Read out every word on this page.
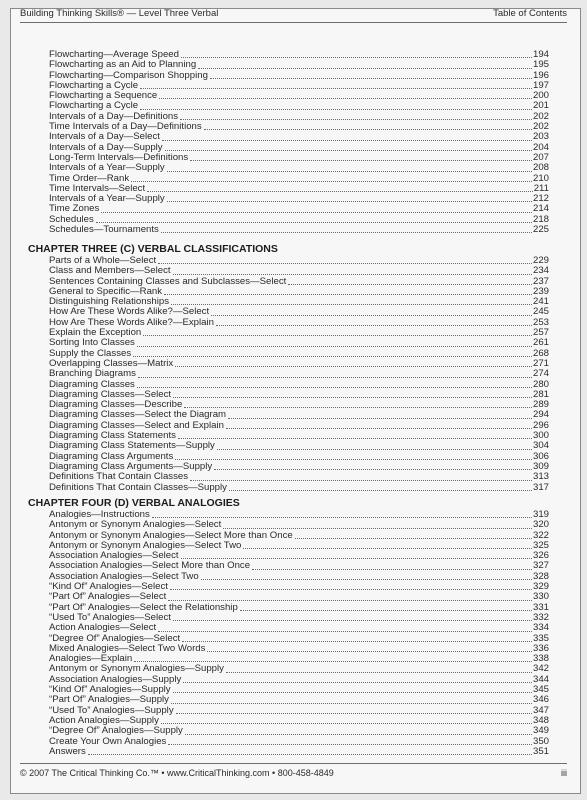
Building Thinking Skills® — Level Three Verbal	Table of Contents
Flowcharting—Average Speed	194
Flowcharting as an Aid to Planning	195
Flowcharting—Comparison Shopping	196
Flowcharting a Cycle	197
Flowcharting a Sequence	200
Flowcharting a Cycle	201
Intervals of a Day—Definitions	202
Time Intervals of a Day—Definitions	202
Intervals of a Day—Select	203
Intervals of a Day—Supply	204
Long-Term Intervals—Definitions	207
Intervals of a Year—Supply	208
Time Order—Rank	210
Time Intervals—Select	211
Intervals of a Year—Supply	212
Time Zones	214
Schedules	218
Schedules—Tournaments	225
CHAPTER THREE (C) VERBAL CLASSIFICATIONS
Parts of a Whole—Select	229
Class and Members—Select	234
Sentences Containing Classes and Subclasses—Select	237
General to Specific—Rank	239
Distinguishing Relationships	241
How Are These Words Alike?—Select	245
How Are These Words Alike?—Explain	253
Explain the Exception	257
Sorting Into Classes	261
Supply the Classes	268
Overlapping Classes—Matrix	271
Branching Diagrams	274
Diagraming Classes	280
Diagraming Classes—Select	281
Diagraming Classes—Describe	289
Diagraming Classes—Select the Diagram	294
Diagraming Classes—Select and Explain	296
Diagraming Class Statements	300
Diagraming Class Statements—Supply	304
Diagraming Class Arguments	306
Diagraming Class Arguments—Supply	309
Definitions That Contain Classes	313
Definitions That Contain Classes—Supply	317
CHAPTER FOUR (D) VERBAL ANALOGIES
Analogies—Instructions	319
Antonym or Synonym Analogies—Select	320
Antonym or Synonym Analogies—Select More than Once	322
Antonym or Synonym Analogies—Select Two	325
Association Analogies—Select	326
Association Analogies—Select More than Once	327
Association Analogies—Select Two	328
“Kind Of” Analogies—Select	329
“Part Of” Analogies—Select	330
“Part Of” Analogies—Select the Relationship	331
“Used To” Analogies—Select	332
Action Analogies—Select	334
“Degree Of” Analogies—Select	335
Mixed Analogies—Select Two Words	336
Analogies—Explain	338
Antonym or Synonym Analogies—Supply	342
Association Analogies—Supply	344
“Kind Of” Analogies—Supply	345
“Part Of” Analogies—Supply	346
“Used To” Analogies—Supply	347
Action Analogies—Supply	348
“Degree Of” Analogies—Supply	349
Create Your Own Analogies	350
Answers	351
© 2007 The Critical Thinking Co.™ • www.CriticalThinking.com • 800-458-4849	iii
